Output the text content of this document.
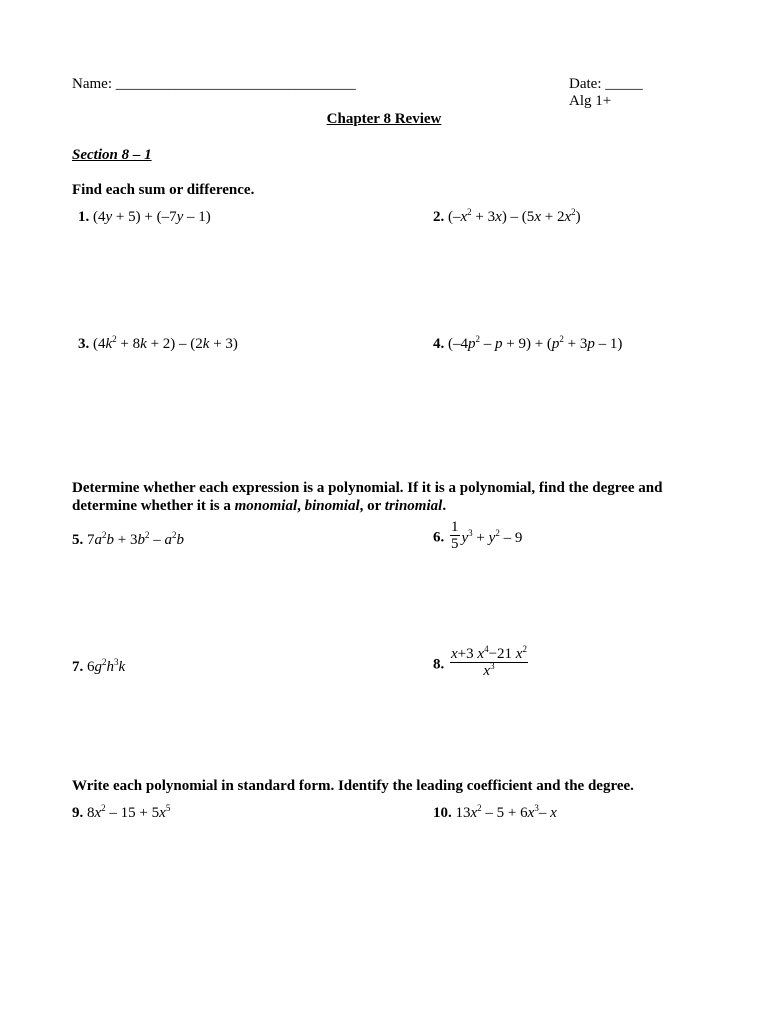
Name: ________________________________	Date: _____
Alg 1+
Chapter 8 Review
Section 8 – 1
Find each sum or difference.
1. (4y + 5) + (–7y – 1)	2. $(-x^2 + 3x) - (5x + 2x^2)$
3. $(4k^2 + 8k + 2) - (2k + 3)$	4. $(-4p^2 - p + 9) + (p^2 + 3p - 1)$
Determine whether each expression is a polynomial. If it is a polynomial, find the degree and determine whether it is a monomial, binomial, or trinomial.
5. $7a^2b + 3b^2 - a^2b$	6. $\frac{1}{5} y^3 + y^2 - 9$
7. $6g^2h^3k$	8. $\frac{x+3 x^4-21 x^2}{x^3}$
Write each polynomial in standard form. Identify the leading coefficient and the degree.
9. $8x^2 - 15 + 5x^5$	10. $13x^2 - 5 + 6x^3-$ x
